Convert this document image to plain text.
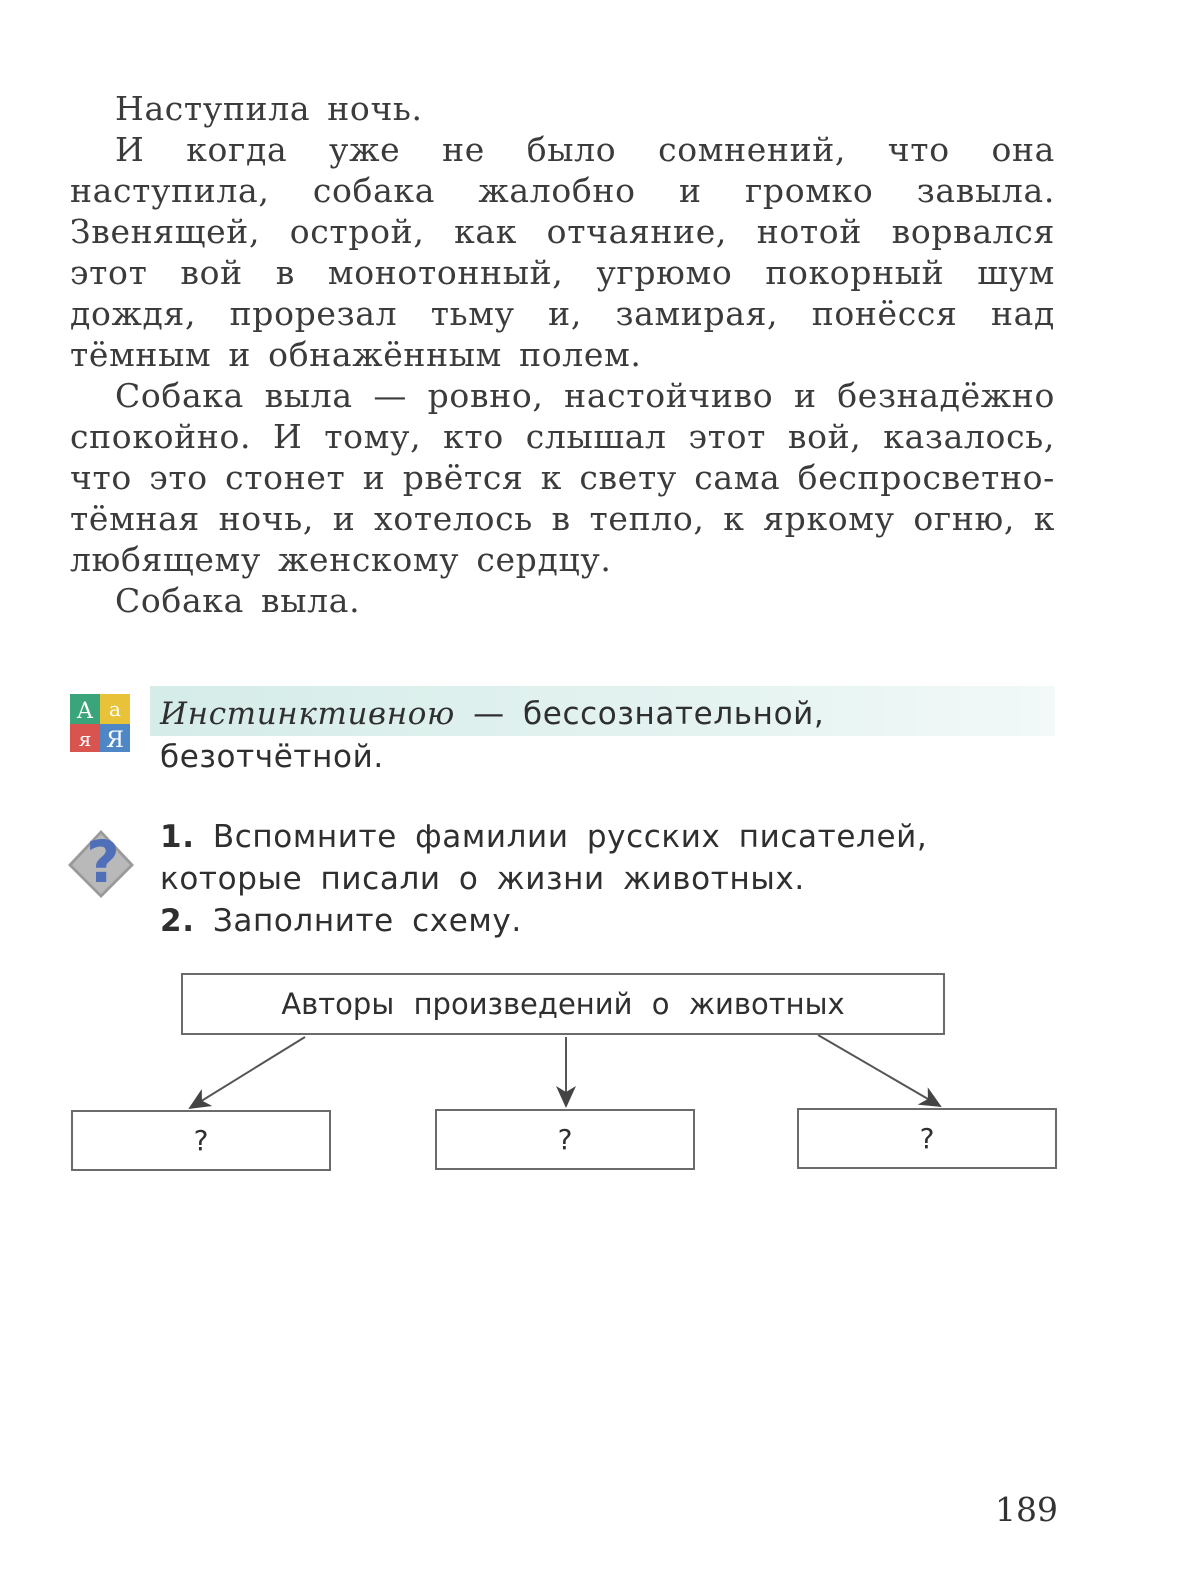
Наступила ночь.

И когда уже не было сомнений, что она наступила, собака жалобно и громко завыла. Звенящей, острой, как отчаяние, нотой ворвался этот вой в монотонный, угрюмо покорный шум дождя, прорезал тьму и, замирая, понёсся над тёмным и обнажённым полем.

Собака выла — ровно, настойчиво и безнадёжно спокойно. И тому, кто слышал этот вой, казалось, что это стонет и рвётся к свету сама беспросветно-тёмная ночь, и хотелось в тепло, к яркому огню, к любящему женскому сердцу.

Собака выла.

А а
я Я
Инстинктивною — бессознательной, безотчётной.
? 1. Вспомните фамилии русских писателей, которые писали о жизни животных.
2. Заполните схему.
Авторы произведений о животных
?	?	?
189
